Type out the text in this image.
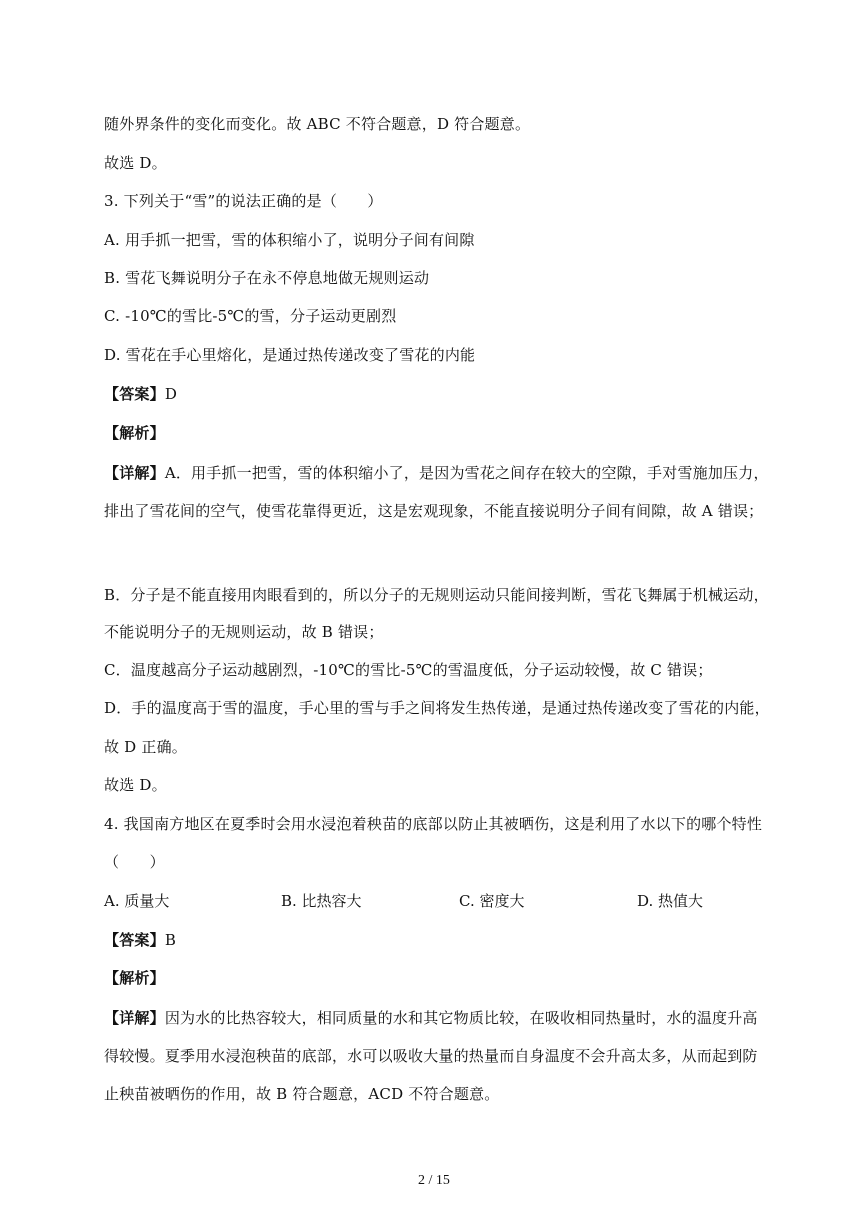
随外界条件的变化而变化。故 ABC 不符合题意，D 符合题意。
故选 D。
3. 下列关于“雪”的说法正确的是（　　）
A. 用手抓一把雪，雪的体积缩小了，说明分子间有间隙
B. 雪花飞舞说明分子在永不停息地做无规则运动
C. -10℃的雪比-5℃的雪，分子运动更剧烈
D. 雪花在手心里熔化，是通过热传递改变了雪花的内能
【答案】D
【解析】
【详解】A．用手抓一把雪，雪的体积缩小了，是因为雪花之间存在较大的空隙，手对雪施加压力，
排出了雪花间的空气，使雪花靠得更近，这是宏观现象，不能直接说明分子间有间隙，故 A 错误；
B．分子是不能直接用肉眼看到的，所以分子的无规则运动只能间接判断，雪花飞舞属于机械运动，
不能说明分子的无规则运动，故 B 错误；
C．温度越高分子运动越剧烈，-10℃的雪比-5℃的雪温度低，分子运动较慢，故 C 错误；
D．手的温度高于雪的温度，手心里的雪与手之间将发生热传递，是通过热传递改变了雪花的内能，
故 D 正确。
故选 D。
4. 我国南方地区在夏季时会用水浸泡着秧苗的底部以防止其被晒伤，这是利用了水以下的哪个特性
（　　）
A. 质量大	B. 比热容大	C. 密度大	D. 热值大
【答案】B
【解析】
【详解】因为水的比热容较大，相同质量的水和其它物质比较，在吸收相同热量时，水的温度升高
得较慢。夏季用水浸泡秧苗的底部，水可以吸收大量的热量而自身温度不会升高太多，从而起到防
止秧苗被晒伤的作用，故 B 符合题意，ACD 不符合题意。
2 / 15
